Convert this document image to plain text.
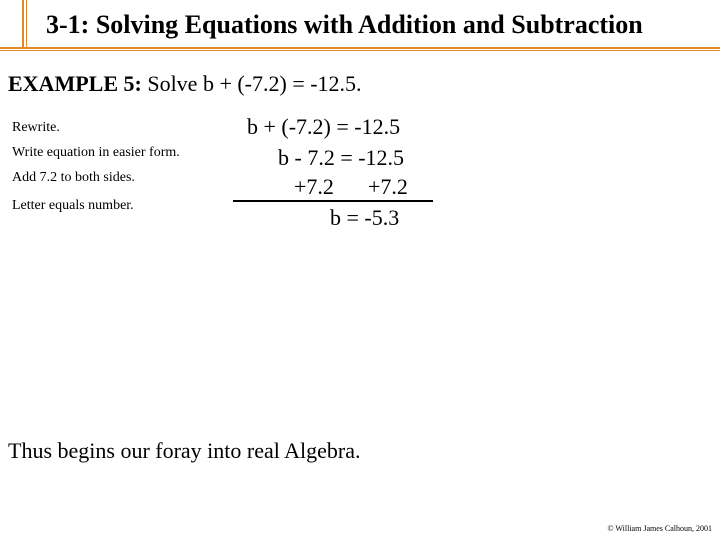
3-1: Solving Equations with Addition and Subtraction
EXAMPLE 5: Solve b + (-7.2) = -12.5.
Rewrite.
Write equation in easier form.
Add 7.2 to both sides.
Letter equals number.
b + (-7.2) = -12.5
b - 7.2 = -12.5
+7.2 +7.2
b = -5.3
Thus begins our foray into real Algebra.
© William James Calhoun, 2001
